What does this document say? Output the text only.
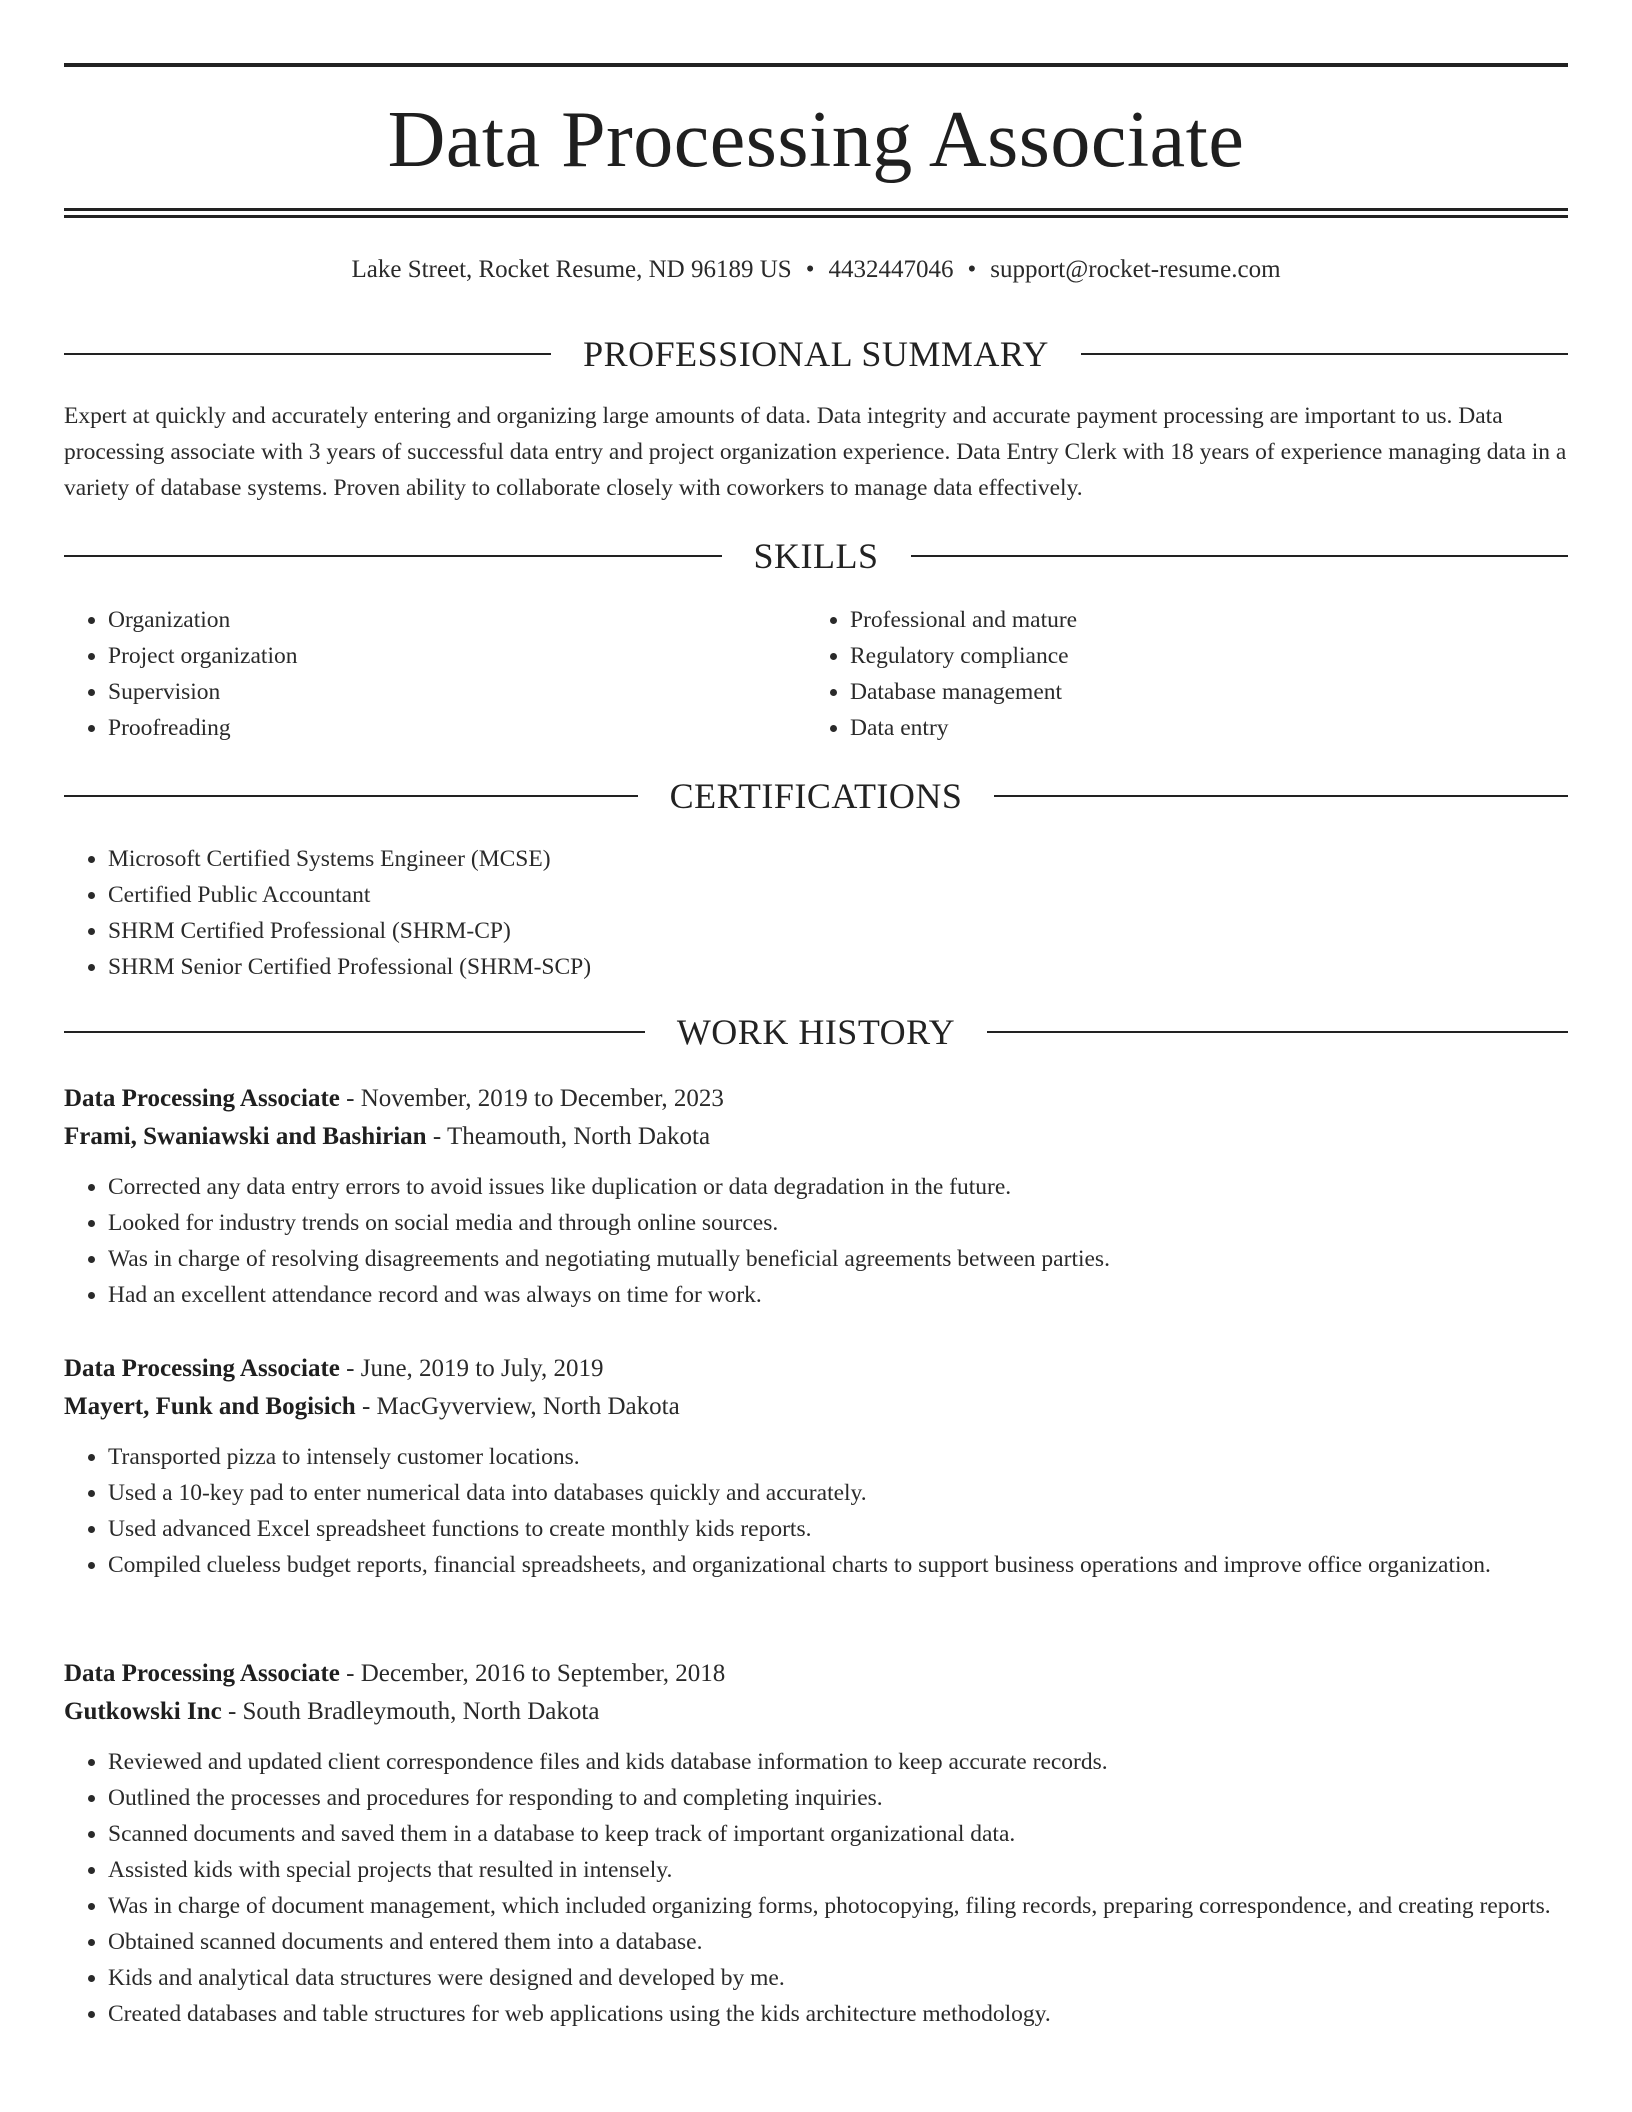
Data Processing Associate
Lake Street, Rocket Resume, ND 96189 US • 4432447046 • support@rocket-resume.com
PROFESSIONAL SUMMARY

Expert at quickly and accurately entering and organizing large amounts of data. Data integrity and accurate payment processing are important to us. Data processing associate with 3 years of successful data entry and project organization experience. Data Entry Clerk with 18 years of experience managing data in a variety of database systems. Proven ability to collaborate closely with coworkers to manage data effectively.

SKILLS
• Organization
• Project organization
• Supervision
• Proofreading
• Professional and mature
• Regulatory compliance
• Database management
• Data entry
CERTIFICATIONS
• Microsoft Certified Systems Engineer (MCSE)
• Certified Public Accountant
• SHRM Certified Professional (SHRM-CP)
• SHRM Senior Certified Professional (SHRM-SCP)
WORK HISTORY
Data Processing Associate - November, 2019 to December, 2023
Frami, Swaniawski and Bashirian - Theamouth, North Dakota
• Corrected any data entry errors to avoid issues like duplication or data degradation in the future.
• Looked for industry trends on social media and through online sources.
• Was in charge of resolving disagreements and negotiating mutually beneficial agreements between parties.
• Had an excellent attendance record and was always on time for work.
Data Processing Associate - June, 2019 to July, 2019
Mayert, Funk and Bogisich - MacGyverview, North Dakota
• Transported pizza to intensely customer locations.
• Used a 10-key pad to enter numerical data into databases quickly and accurately.
• Used advanced Excel spreadsheet functions to create monthly kids reports.
• Compiled clueless budget reports, financial spreadsheets, and organizational charts to support business operations and improve office organization.
Data Processing Associate - December, 2016 to September, 2018
Gutkowski Inc - South Bradleymouth, North Dakota
• Reviewed and updated client correspondence files and kids database information to keep accurate records.
• Outlined the processes and procedures for responding to and completing inquiries.
• Scanned documents and saved them in a database to keep track of important organizational data.
• Assisted kids with special projects that resulted in intensely.
• Was in charge of document management, which included organizing forms, photocopying, filing records, preparing correspondence, and creating reports.
• Obtained scanned documents and entered them into a database.
• Kids and analytical data structures were designed and developed by me.
• Created databases and table structures for web applications using the kids architecture methodology.
